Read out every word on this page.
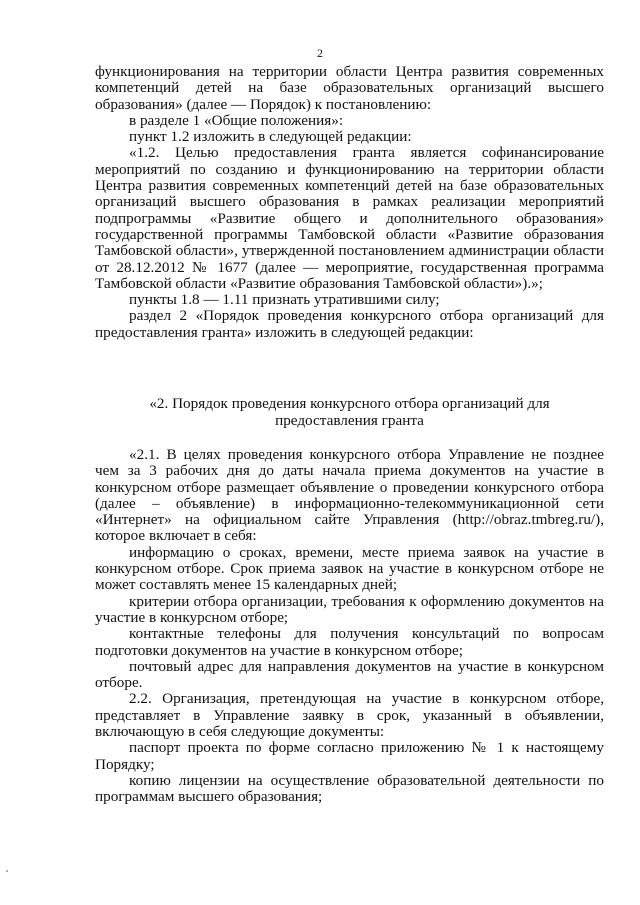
2

функционирования на территории области Центра развития современных компетенций детей на базе образовательных организаций высшего образования» (далее — Порядок) к постановлению:

в разделе 1 «Общие положения»:

пункт 1.2 изложить в следующей редакции:

«1.2. Целью предоставления гранта является софинансирование мероприятий по созданию и функционированию на территории области Центра развития современных компетенций детей на базе образовательных организаций высшего образования в рамках реализации мероприятий подпрограммы «Развитие общего и дополнительного образования» государственной программы Тамбовской области «Развитие образования Тамбовской области», утвержденной постановлением администрации области от 28.12.2012 № 1677 (далее — мероприятие, государственная программа Тамбовской области «Развитие образования Тамбовской области»).»;

пункты 1.8 — 1.11 признать утратившими силу;

раздел 2 «Порядок проведения конкурсного отбора организаций для предоставления гранта» изложить в следующей редакции:

«2. Порядок проведения конкурсного отбора организаций для

предоставления гранта

«2.1. В целях проведения конкурсного отбора Управление не позднее чем за 3 рабочих дня до даты начала приема документов на участие в конкурсном отборе размещает объявление о проведении конкурсного отбора (далее – объявление) в информационно-телекоммуникационной сети «Интернет» на официальном сайте Управления (http://obraz.tmbreg.ru/), которое включает в себя:

информацию о сроках, времени, месте приема заявок на участие в конкурсном отборе. Срок приема заявок на участие в конкурсном отборе не может составлять менее 15 календарных дней;

критерии отбора организации, требования к оформлению документов на участие в конкурсном отборе;

контактные телефоны для получения консультаций по вопросам подготовки документов на участие в конкурсном отборе;

почтовый адрес для направления документов на участие в конкурсном отборе.

2.2. Организация, претендующая на участие в конкурсном отборе, представляет в Управление заявку в срок, указанный в объявлении, включающую в себя следующие документы:

паспорт проекта по форме согласно приложению № 1 к настоящему Порядку;

копию лицензии на осуществление образовательной деятельности по программам высшего образования;
